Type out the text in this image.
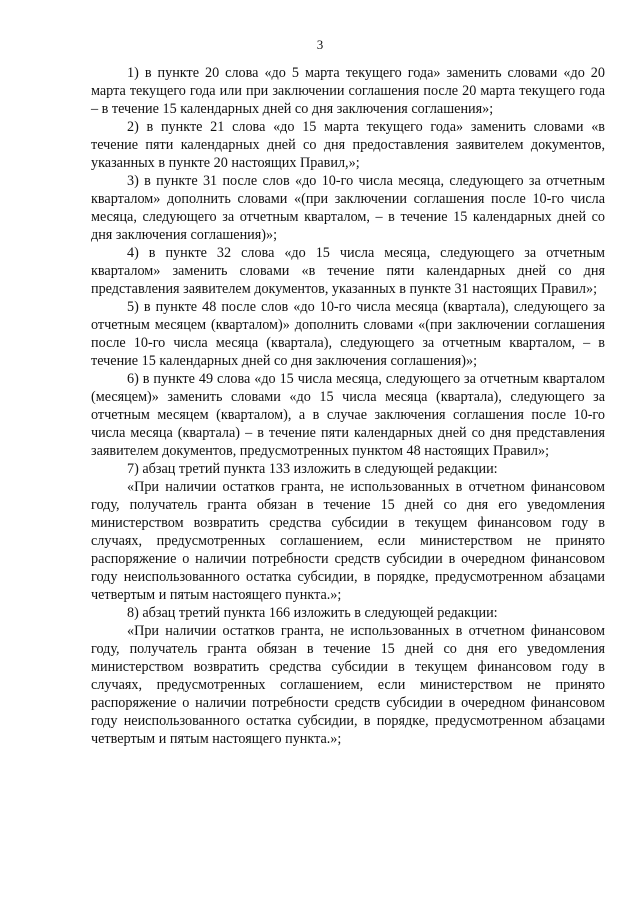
3

1) в пункте 20 слова «до 5 марта текущего года» заменить словами «до 20 марта текущего года или при заключении соглашения после 20 марта текущего года – в течение 15 календарных дней со дня заключения соглашения»;

2) в пункте 21 слова «до 15 марта текущего года» заменить словами «в течение пяти календарных дней со дня предоставления заявителем документов, указанных в пункте 20 настоящих Правил,»;

3) в пункте 31 после слов «до 10-го числа месяца, следующего за отчетным кварталом» дополнить словами «(при заключении соглашения после 10-го числа месяца, следующего за отчетным кварталом, – в течение 15 календарных дней со дня заключения соглашения)»;

4) в пункте 32 слова «до 15 числа месяца, следующего за отчетным кварталом» заменить словами «в течение пяти календарных дней со дня представления заявителем документов, указанных в пункте 31 настоящих Правил»;

5) в пункте 48 после слов «до 10-го числа месяца (квартала), следующего за отчетным месяцем (кварталом)» дополнить словами «(при заключении соглашения после 10-го числа месяца (квартала), следующего за отчетным кварталом, – в течение 15 календарных дней со дня заключения соглашения)»;

6) в пункте 49 слова «до 15 числа месяца, следующего за отчетным кварталом (месяцем)» заменить словами «до 15 числа месяца (квартала), следующего за отчетным месяцем (кварталом), а в случае заключения соглашения после 10-го числа месяца (квартала) – в течение пяти календарных дней со дня представления заявителем документов, предусмотренных пунктом 48 настоящих Правил»;

7) абзац третий пункта 133 изложить в следующей редакции:

«При наличии остатков гранта, не использованных в отчетном финансовом году, получатель гранта обязан в течение 15 дней со дня его уведомления министерством возвратить средства субсидии в текущем финансовом году в случаях, предусмотренных соглашением, если министерством не принято распоряжение о наличии потребности средств субсидии в очередном финансовом году неиспользованного остатка субсидии, в порядке, предусмотренном абзацами четвертым и пятым настоящего пункта.»;

8) абзац третий пункта 166 изложить в следующей редакции:

«При наличии остатков гранта, не использованных в отчетном финансовом году, получатель гранта обязан в течение 15 дней со дня его уведомления министерством возвратить средства субсидии в текущем финансовом году в случаях, предусмотренных соглашением, если министерством не принято распоряжение о наличии потребности средств субсидии в очередном финансовом году неиспользованного остатка субсидии, в порядке, предусмотренном абзацами четвертым и пятым настоящего пункта.»;
